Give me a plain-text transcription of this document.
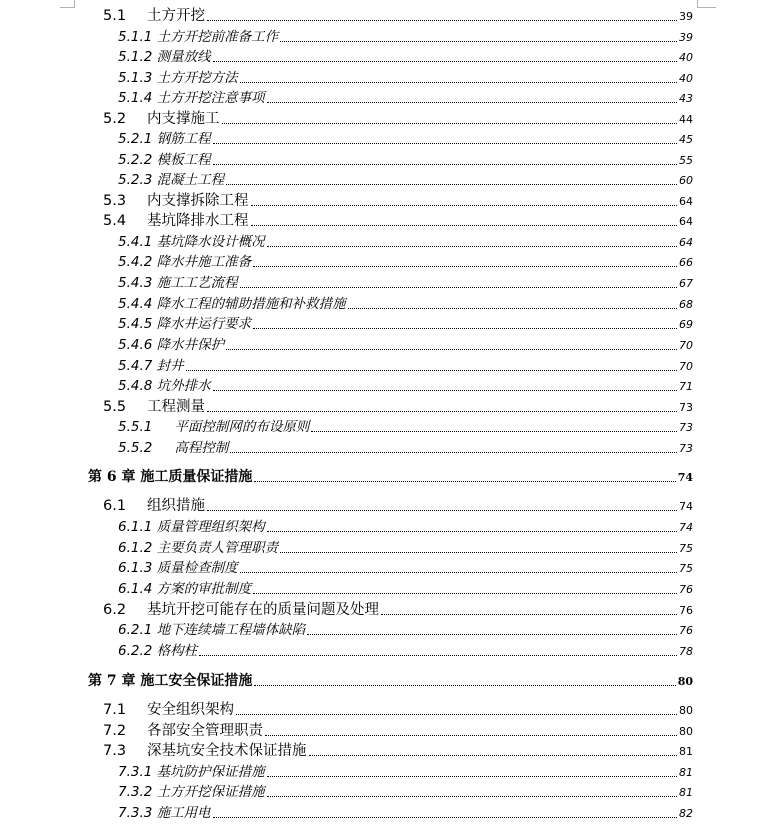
5.1	土方开挖	39
5.1.1 土方开挖前准备工作	39
5.1.2 测量放线	40
5.1.3 土方开挖方法	40
5.1.4 土方开挖注意事项	43
5.2	内支撑施工	44
5.2.1 钢筋工程	45
5.2.2 模板工程	55
5.2.3 混凝土工程	60
5.3	内支撑拆除工程	64
5.4	基坑降排水工程	64
5.4.1 基坑降水设计概况	64
5.4.2 降水井施工准备	66
5.4.3 施工工艺流程	67
5.4.4 降水工程的辅助措施和补救措施	68
5.4.5 降水井运行要求	69
5.4.6 降水井保护	70
5.4.7 封井	70
5.4.8 坑外排水	71
5.5	工程测量	73
5.5.1 　 平面控制网的布设原则	73
5.5.2 　 高程控制	73
第 6 章 施工质量保证措施	74
6.1	组织措施	74
6.1.1 质量管理组织架构	74
6.1.2 主要负责人管理职责	75
6.1.3 质量检查制度	75
6.1.4 方案的审批制度	76
6.2	基坑开挖可能存在的质量问题及处理	76
6.2.1 地下连续墙工程墙体缺陷	76
6.2.2 格构柱	78
第 7 章 施工安全保证措施	80
7.1	安全组织架构	80
7.2	各部安全管理职责	80
7.3	深基坑安全技术保证措施	81
7.3.1 基坑防护保证措施	81
7.3.2 土方开挖保证措施	81
7.3.3 施工用电	82
